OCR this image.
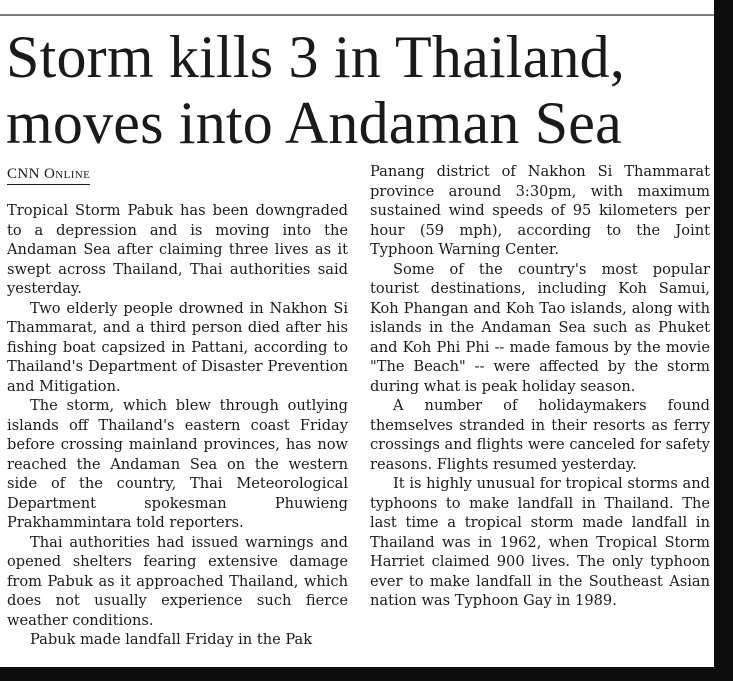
Storm kills 3 in Thailand,
moves into Andaman Sea
CNN Online

Tropical Storm Pabuk has been downgraded to a depression and is moving into the Andaman Sea after claiming three lives as it swept across Thailand, Thai authorities said yesterday.

Two elderly people drowned in Nakhon Si Thammarat, and a third person died after his fishing boat capsized in Pattani, according to Thailand's Department of Disaster Prevention and Mitigation.

The storm, which blew through outlying islands off Thailand's eastern coast Friday before crossing mainland provinces, has now reached the Andaman Sea on the western side of the country, Thai Meteorological Department spokesman Phuwieng Prakhammintara told reporters.

Thai authorities had issued warnings and opened shelters fearing extensive damage from Pabuk as it approached Thailand, which does not usually experience such fierce weather conditions.

Pabuk made landfall Friday in the Pak

Panang district of Nakhon Si Thammarat province around 3:30pm, with maximum sustained wind speeds of 95 kilometers per hour (59 mph), according to the Joint Typhoon Warning Center.

Some of the country's most popular tourist destinations, including Koh Samui, Koh Phangan and Koh Tao islands, along with islands in the Andaman Sea such as Phuket and Koh Phi Phi -- made famous by the movie "The Beach" -- were affected by the storm during what is peak holiday season.

A number of holidaymakers found themselves stranded in their resorts as ferry crossings and flights were canceled for safety reasons. Flights resumed yesterday.

It is highly unusual for tropical storms and typhoons to make landfall in Thailand. The last time a tropical storm made landfall in Thailand was in 1962, when Tropical Storm Harriet claimed 900 lives. The only typhoon ever to make landfall in the Southeast Asian nation was Typhoon Gay in 1989.
